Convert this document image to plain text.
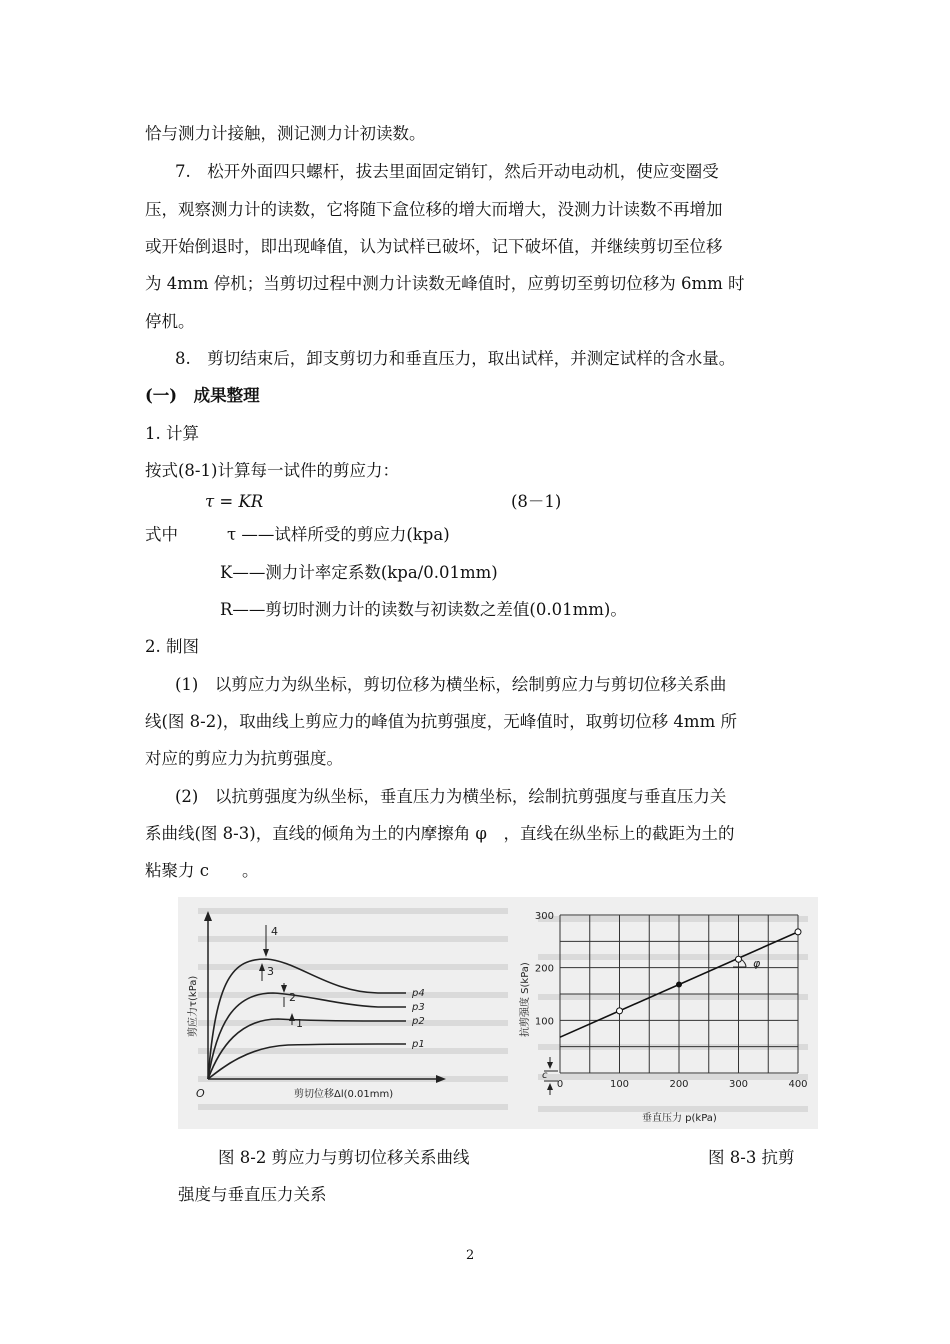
恰与测力计接触，测记测力计初读数。
7.　松开外面四只螺杆，拔去里面固定销钉，然后开动电动机，使应变圈受
压，观察测力计的读数，它将随下盒位移的增大而增大，没测力计读数不再增加
或开始倒退时，即出现峰值，认为试样已破坏，记下破坏值，并继续剪切至位移
为 4mm 停机；当剪切过程中测力计读数无峰值时，应剪切至剪切位移为 6mm 时
停机。
8.　剪切结束后，卸支剪切力和垂直压力，取出试样，并测定试样的含水量。
(一)　成果整理
1. 计算
按式(8-1)计算每一试件的剪应力：
τ = KR	(8－1)
式中	τ ——试样所受的剪应力(kpa)
K——测力计率定系数(kpa/0.01mm)
R——剪切时测力计的读数与初读数之差值(0.01mm)。
2. 制图
(1)　以剪应力为纵坐标，剪切位移为横坐标，绘制剪应力与剪切位移关系曲
线(图 8-2)，取曲线上剪应力的峰值为抗剪强度，无峰值时，取剪切位移 4mm 所
对应的剪应力为抗剪强度。
(2)　以抗剪强度为纵坐标，垂直压力为横坐标，绘制抗剪强度与垂直压力关
系曲线(图 8-3)，直线的倾角为土的内摩擦角 φ　，直线在纵坐标上的截距为土的
粘聚力 c　　。
4
3
2
1
p4
p3
p2
p1
剪应力τ(kPa)
剪切位移Δl(0.01mm)
O
300
200
100
0	100	200	300	400
φ
c
抗剪强度 S(kPa)
垂直压力 p(kPa)
图 8-2 剪应力与剪切位移关系曲线	图 8-3 抗剪
强度与垂直压力关系
2
